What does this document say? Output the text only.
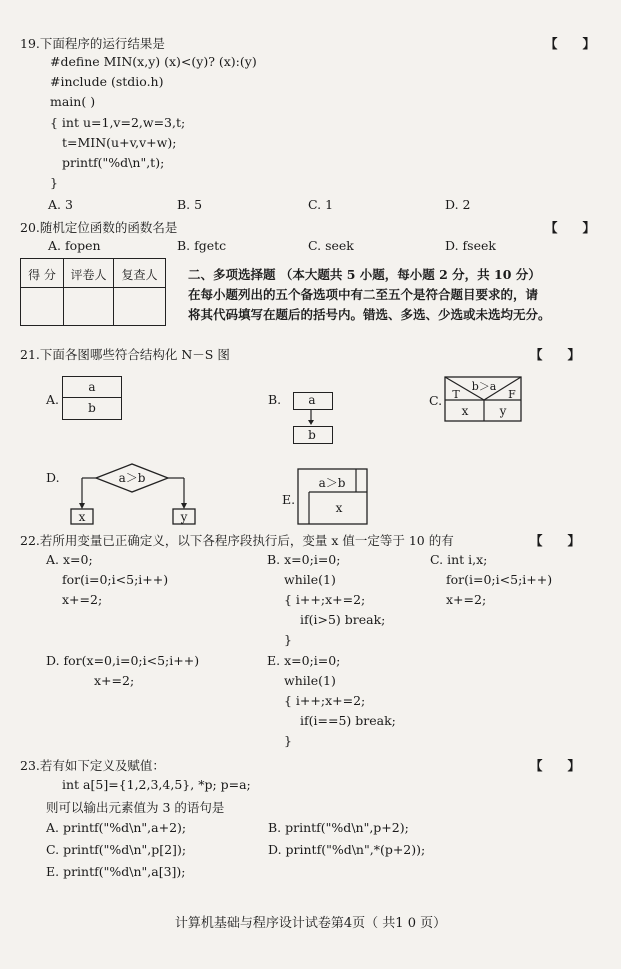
19.下面程序的运行结果是	【　　】
#define MIN(x,y) (x)<(y)? (x):(y)
#include (stdio.h)
main( )
{ int u=1,v=2,w=3,t;
t=MIN(u+v,v+w);
printf("%d\n",t);
}
A. 3	B. 5	C. 1	D. 2
20.随机定位函数的函数名是	【　　】
A. fopen	B. fgetc	C. seek	D. fseek
得 分	评卷人	复查人	二、多项选择题 （本大题共 5 小题，每小题 2 分，共 10 分）
在每小题列出的五个备选项中有二至五个是符合题目要求的，请
将其代码填写在题后的括号内。错选、多选、少选或未选均无分。
21.下面各图哪些符合结构化 N－S 图	【　　】
A.
a
b
B.	a
b
C.
b＞a
T	F
x	y
D.	a＞b
x	y
E.
a＞b
x
22.若所用变量已正确定义，以下各程序段执行后，变量 x 值一定等于 10 的有	【　　】
A. x=0;
for(i=0;i<5;i++)
x+=2;
B. x=0;i=0;
while(1)
{ i++;x+=2;
if(i>5) break;
}
C. int i,x;
for(i=0;i<5;i++)
x+=2;
D. for(x=0,i=0;i<5;i++)
x+=2;
E. x=0;i=0;
while(1)
{ i++;x+=2;
if(i==5) break;
}
23.若有如下定义及赋值：	【　　】
int a[5]={1,2,3,4,5}, *p; p=a;
则可以输出元素值为 3 的语句是
A. printf("%d\n",a+2);	B. printf("%d\n",p+2);
C. printf("%d\n",p[2]);	D. printf("%d\n",*(p+2));
E. printf("%d\n",a[3]);
计算机基础与程序设计试卷第4页（ 共1 0 页）
